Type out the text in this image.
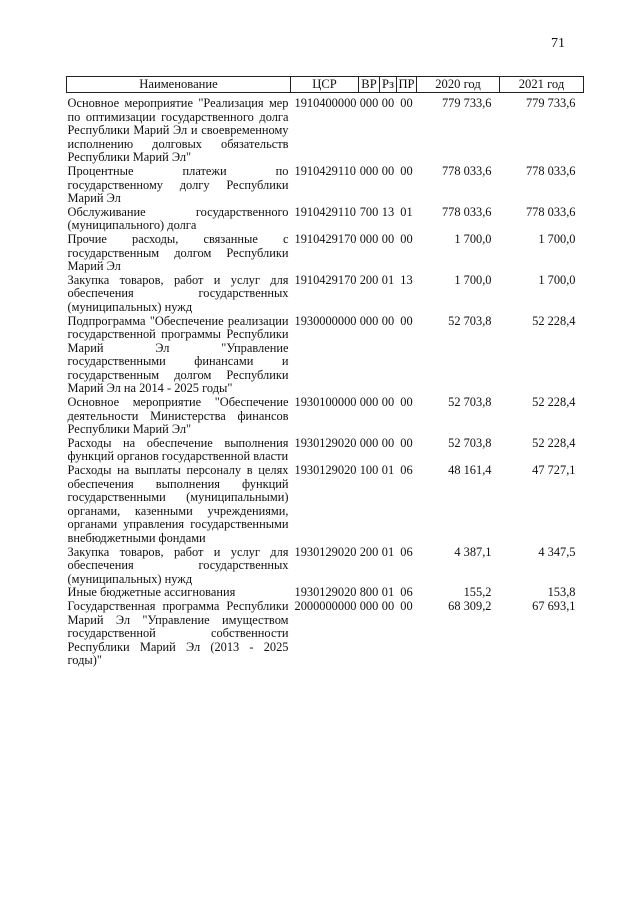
71
Наименование	ЦСР	ВР	Рз	ПР	2020 год	2021 год

Основное мероприятие "Реализация мер по оптимизации государственного долга Республики Марий Эл и своевременному исполнению долговых обязательств Республики Марий Эл"	1910400000	000	00	00	779 733,6	779 733,6
Процентные платежи по государственному долгу Республики Марий Эл	1910429110	000	00	00	778 033,6	778 033,6
Обслуживание государственного (муниципального) долга	1910429110	700	13	01	778 033,6	778 033,6
Прочие расходы, связанные с государственным долгом Республики Марий Эл	1910429170	000	00	00	1 700,0	1 700,0
Закупка товаров, работ и услуг для обеспечения государственных (муниципальных) нужд	1910429170	200	01	13	1 700,0	1 700,0
Подпрограмма "Обеспечение реализации государственной программы Республики Марий Эл "Управление государственными финансами и государственным долгом Республики Марий Эл на 2014 - 2025 годы"	1930000000	000	00	00	52 703,8	52 228,4
Основное мероприятие "Обеспечение деятельности Министерства финансов Республики Марий Эл"	1930100000	000	00	00	52 703,8	52 228,4
Расходы на обеспечение выполнения функций органов государственной власти	1930129020	000	00	00	52 703,8	52 228,4
Расходы на выплаты персоналу в целях обеспечения выполнения функций государственными (муниципальными) органами, казенными учреждениями, органами управления государственными внебюджетными фондами	1930129020	100	01	06	48 161,4	47 727,1
Закупка товаров, работ и услуг для обеспечения государственных (муниципальных) нужд	1930129020	200	01	06	4 387,1	4 347,5
Иные бюджетные ассигнования	1930129020	800	01	06	155,2	153,8
Государственная программа Республики Марий Эл "Управление имуществом государственной собственности Республики Марий Эл (2013 - 2025 годы)"	2000000000	000	00	00	68 309,2	67 693,1
